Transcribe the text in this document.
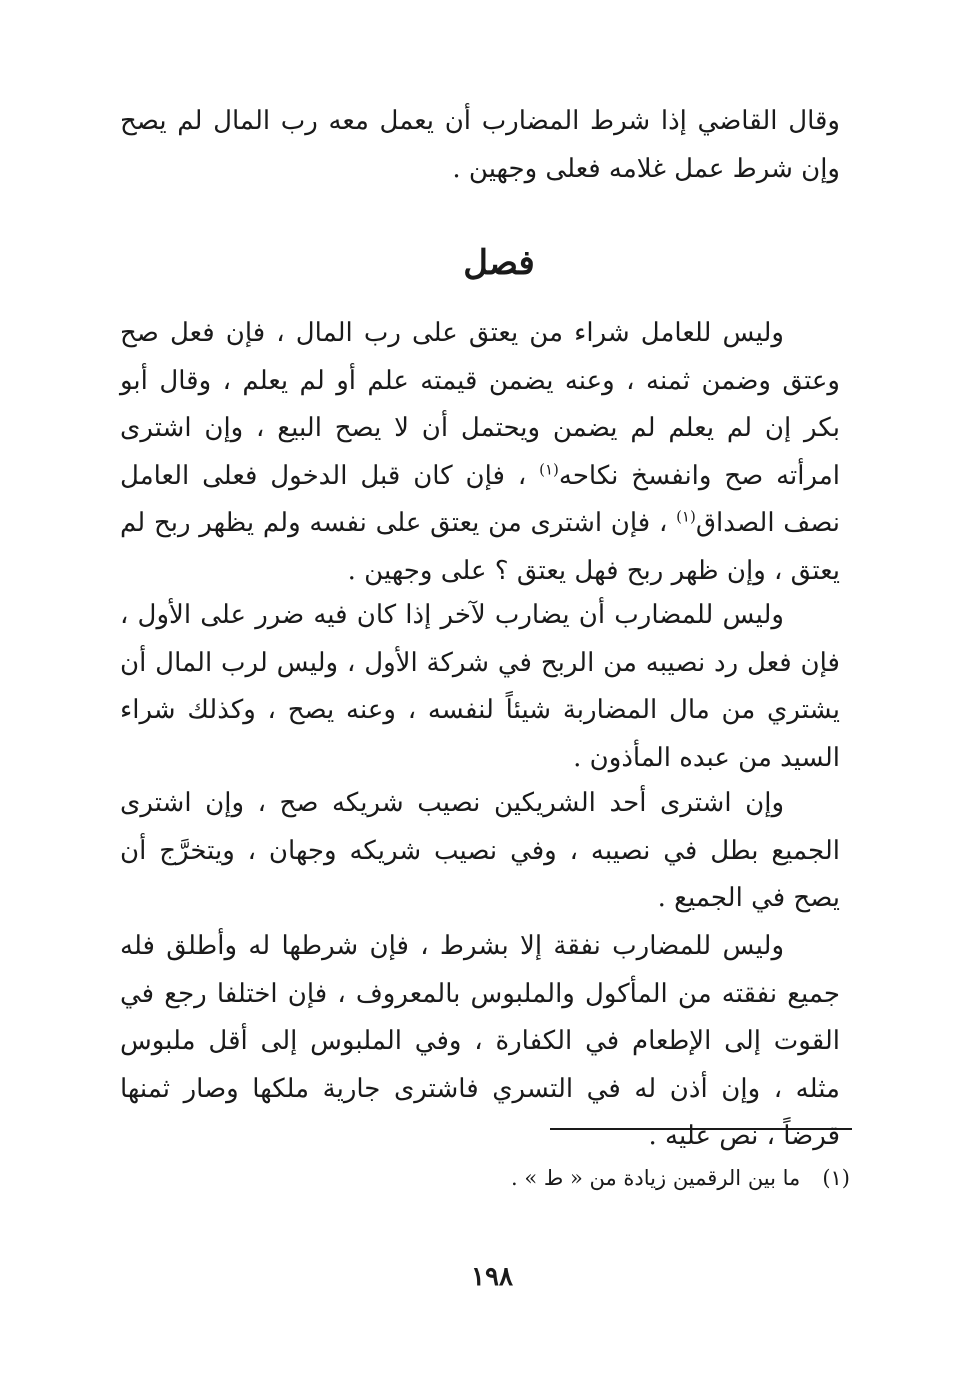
وقال القاضي إذا شرط المضارب أن يعمل معه رب المال لم يصح وإن شرط عمل غلامه فعلى وجهين .
فصل
وليس للعامل شراء من يعتق على رب المال ، فإن فعل صح وعتق وضمن ثمنه ، وعنه يضمن قيمته علم أو لم يعلم ، وقال أبو بكر إن لم يعلم لم يضمن ويحتمل أن لا يصح البيع ، وإن اشترى امرأته صح وانفسخ نكاحه$^{(١)}$ ، فإن كان قبل الدخول فعلى العامل نصف الصداق$^{(١)}$ ، فإن اشترى من يعتق على نفسه ولم يظهر ربح لم يعتق ، وإن ظهر ربح فهل يعتق ؟ على وجهين .
وليس للمضارب أن يضارب لآخر إذا كان فيه ضرر على الأول ، فإن فعل رد نصيبه من الربح في شركة الأول ، وليس لرب المال أن يشتري من مال المضاربة شيئاً لنفسه ، وعنه يصح ، وكذلك شراء السيد من عبده المأذون .
وإن اشترى أحد الشريكين نصيب شريكه صح ، وإن اشترى الجميع بطل في نصيبه ، وفي نصيب شريكه وجهان ، ويتخرَّج أن يصح في الجميع .
وليس للمضارب نفقة إلا بشرط ، فإن شرطها له وأطلق فله جميع نفقته من المأكول والملبوس بالمعروف ، فإن اختلفا رجع في القوت إلى الإطعام في الكفارة ، وفي الملبوس إلى أقل ملبوس مثله ، وإن أذن له في التسري فاشترى جارية ملكها وصار ثمنها قرضاً ، نص عليه .
(١)ما بين الرقمين زيادة من « ط » .
١٩٨
